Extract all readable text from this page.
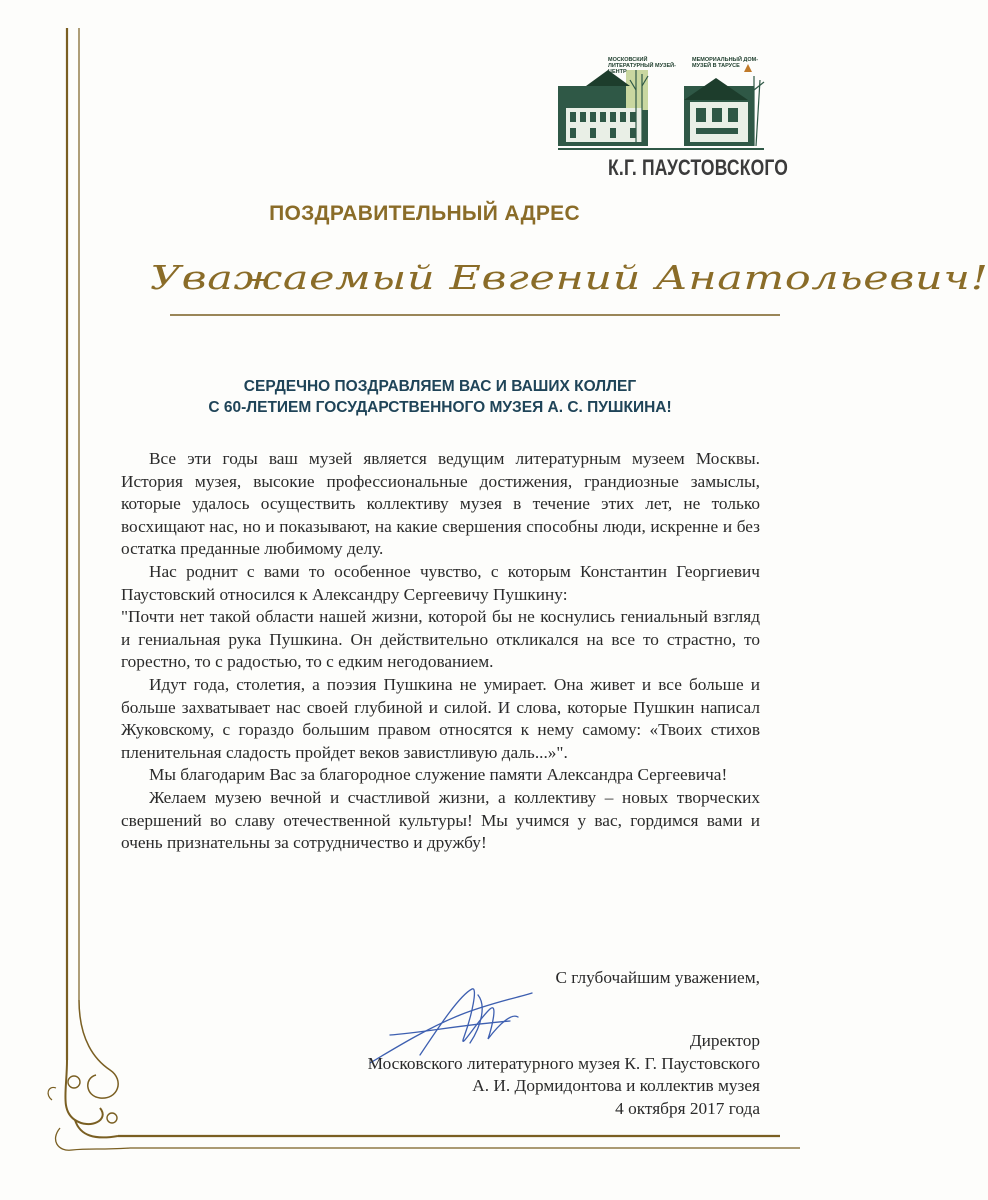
МОСКОВСКИЙ ЛИТЕРАТУРНЫЙ МУЗЕЙ-ЦЕНТР
МЕМОРИАЛЬНЫЙ ДОМ-МУЗЕЙ В ТАРУСЕ
К.Г. ПАУСТОВСКОГО
ПОЗДРАВИТЕЛЬНЫЙ АДРЕС
Уважаемый Евгений Анатольевич!
СЕРДЕЧНО ПОЗДРАВЛЯЕМ ВАС И ВАШИХ КОЛЛЕГ
С 60-ЛЕТИЕМ ГОСУДАРСТВЕННОГО МУЗЕЯ А. С. ПУШКИНА!

Все эти годы ваш музей является ведущим литературным музеем Москвы. История музея, высокие профессиональные достижения, грандиозные замыслы, которые удалось осуществить коллективу музея в течение этих лет, не только восхищают нас, но и показывают, на какие свершения способны люди, искренне и без остатка преданные любимому делу.

Нас роднит с вами то особенное чувство, с которым Константин Георгиевич Паустовский относился к Александру Сергеевичу Пушкину:

"Почти нет такой области нашей жизни, которой бы не коснулись гениальный взгляд и гениальная рука Пушкина. Он действительно откликался на все то страстно, то горестно, то с радостью, то с едким негодованием.

Идут года, столетия, а поэзия Пушкина не умирает. Она живет и все больше и больше захватывает нас своей глубиной и силой. И слова, которые Пушкин написал Жуковскому, с гораздо большим правом относятся к нему самому: «Твоих стихов пленительная сладость пройдет веков завистливую даль...»".

Мы благодарим Вас за благородное служение памяти Александра Сергеевича!

Желаем музею вечной и счастливой жизни, а коллективу – новых творческих свершений во славу отечественной культуры! Мы учимся у вас, гордимся вами и очень признательны за сотрудничество и дружбу!

С глубочайшим уважением,
Директор
Московского литературного музея К. Г. Паустовского
А. И. Дормидонтова и коллектив музея
4 октября 2017 года
